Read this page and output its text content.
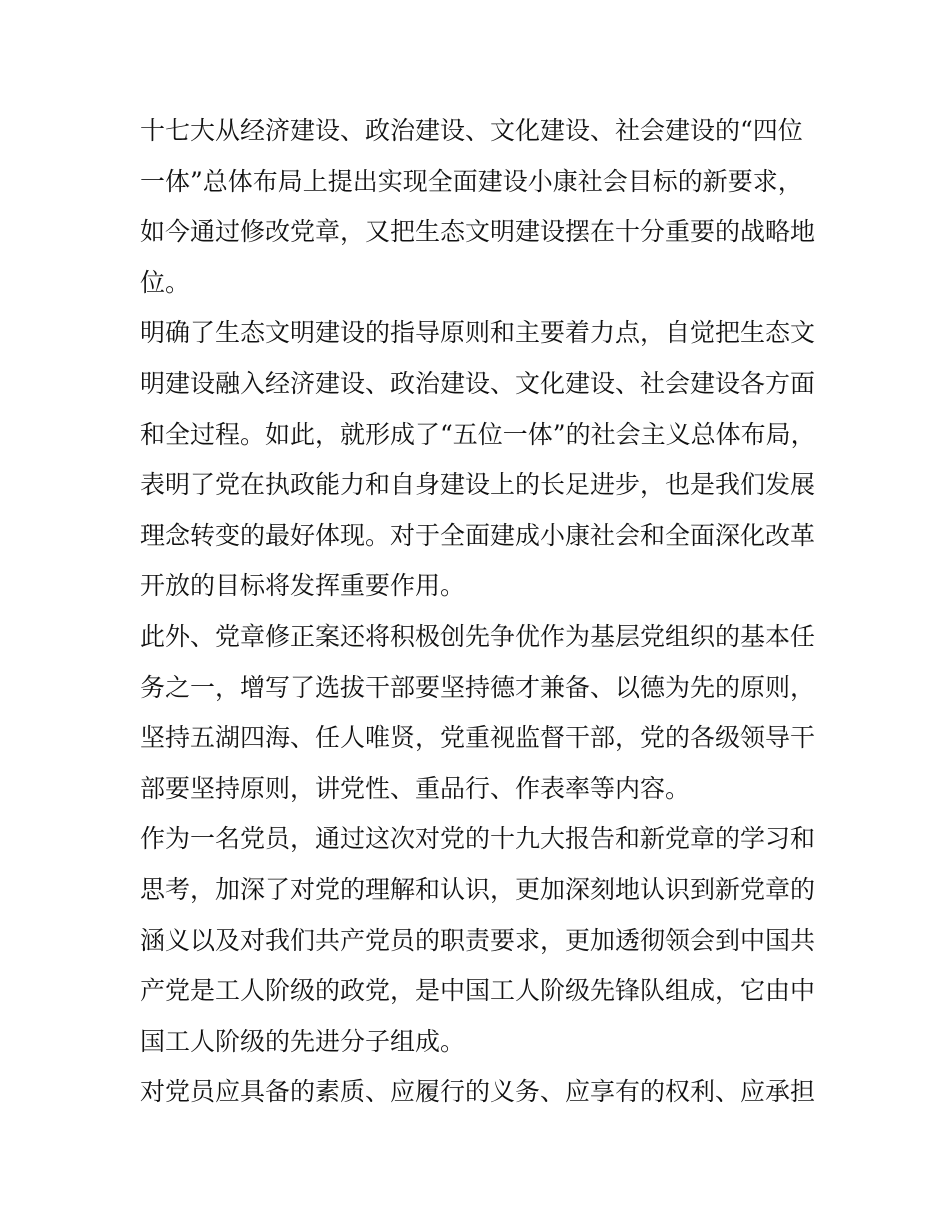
十七大从经济建设、政治建设、文化建设、社会建设的“四位
一体”总体布局上提出实现全面建设小康社会目标的新要求，
如今通过修改党章，又把生态文明建设摆在十分重要的战略地
位。
明确了生态文明建设的指导原则和主要着力点，自觉把生态文
明建设融入经济建设、政治建设、文化建设、社会建设各方面
和全过程。如此，就形成了“五位一体”的社会主义总体布局，
表明了党在执政能力和自身建设上的长足进步，也是我们发展
理念转变的最好体现。对于全面建成小康社会和全面深化改革
开放的目标将发挥重要作用。
此外、党章修正案还将积极创先争优作为基层党组织的基本任
务之一，增写了选拔干部要坚持德才兼备、以德为先的原则，
坚持五湖四海、任人唯贤，党重视监督干部，党的各级领导干
部要坚持原则，讲党性、重品行、作表率等内容。
作为一名党员，通过这次对党的十九大报告和新党章的学习和
思考，加深了对党的理解和认识，更加深刻地认识到新党章的
涵义以及对我们共产党员的职责要求，更加透彻领会到中国共
产党是工人阶级的政党，是中国工人阶级先锋队组成，它由中
国工人阶级的先进分子组成。
对党员应具备的素质、应履行的义务、应享有的权利、应承担
